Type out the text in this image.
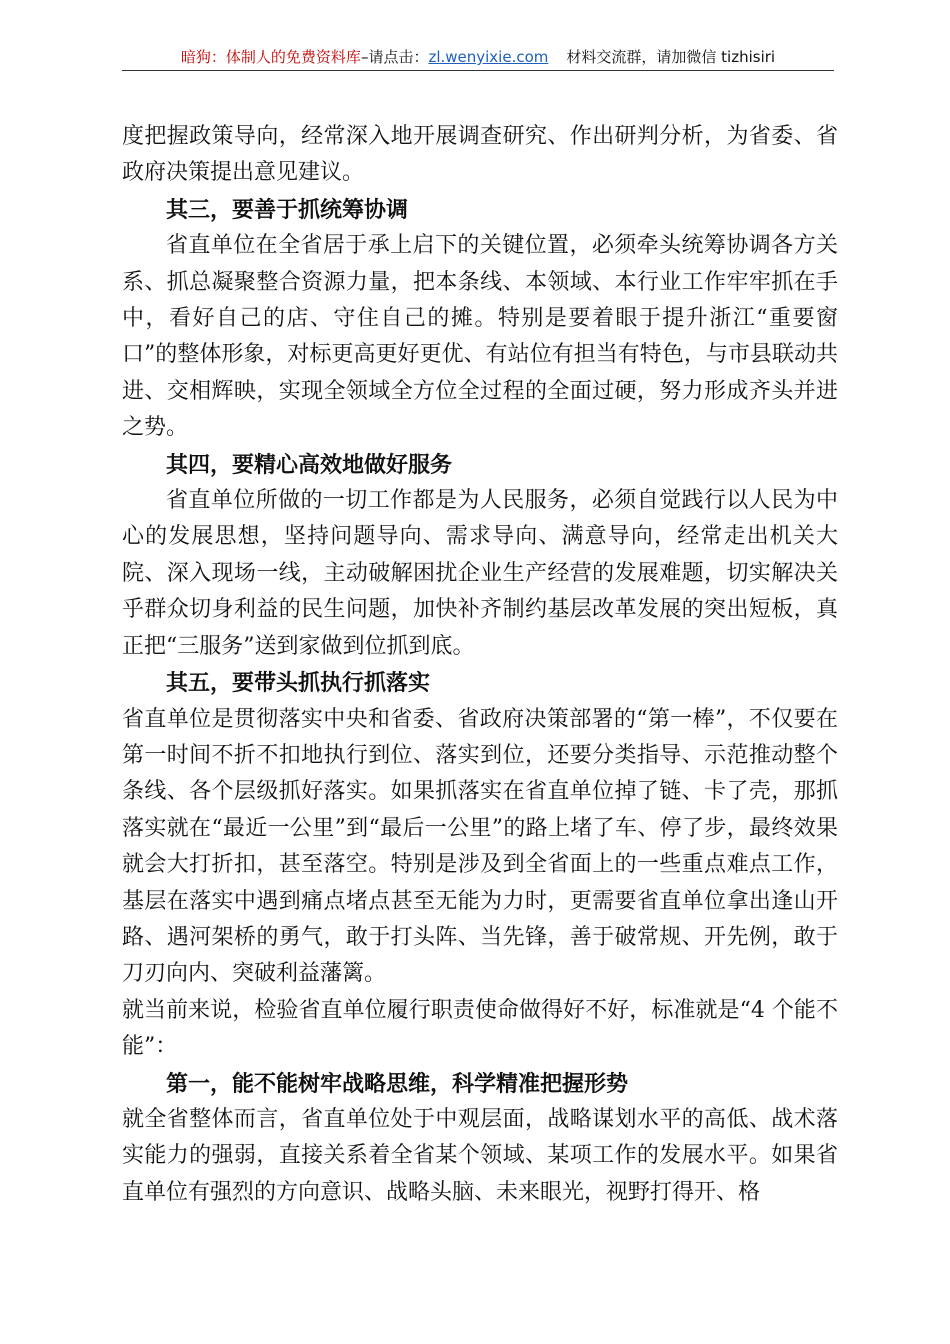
暗狗：体制人的免费资料库–请点击：zl.wenyixie.com 材料交流群，请加微信 tizhisiri

度把握政策导向，经常深入地开展调查研究、作出研判分析，为省委、省政府决策提出意见建议。

其三，要善于抓统筹协调

省直单位在全省居于承上启下的关键位置，必须牵头统筹协调各方关系、抓总凝聚整合资源力量，把本条线、本领域、本行业工作牢牢抓在手中，看好自己的店、守住自己的摊。特别是要着眼于提升浙江“重要窗口”的整体形象，对标更高更好更优、有站位有担当有特色，与市县联动共进、交相辉映，实现全领域全方位全过程的全面过硬，努力形成齐头并进之势。

其四，要精心高效地做好服务

省直单位所做的一切工作都是为人民服务，必须自觉践行以人民为中心的发展思想，坚持问题导向、需求导向、满意导向，经常走出机关大院、深入现场一线，主动破解困扰企业生产经营的发展难题，切实解决关乎群众切身利益的民生问题，加快补齐制约基层改革发展的突出短板，真正把“三服务”送到家做到位抓到底。

其五，要带头抓执行抓落实

省直单位是贯彻落实中央和省委、省政府决策部署的“第一棒”，不仅要在第一时间不折不扣地执行到位、落实到位，还要分类指导、示范推动整个条线、各个层级抓好落实。如果抓落实在省直单位掉了链、卡了壳，那抓落实就在“最近一公里”到“最后一公里”的路上堵了车、停了步，最终效果就会大打折扣，甚至落空。特别是涉及到全省面上的一些重点难点工作，基层在落实中遇到痛点堵点甚至无能为力时，更需要省直单位拿出逢山开路、遇河架桥的勇气，敢于打头阵、当先锋，善于破常规、开先例，敢于刀刃向内、突破利益藩篱。

就当前来说，检验省直单位履行职责使命做得好不好，标准就是“4 个能不能”：

第一，能不能树牢战略思维，科学精准把握形势

就全省整体而言，省直单位处于中观层面，战略谋划水平的高低、战术落实能力的强弱，直接关系着全省某个领域、某项工作的发展水平。如果省直单位有强烈的方向意识、战略头脑、未来眼光，视野打得开、格
